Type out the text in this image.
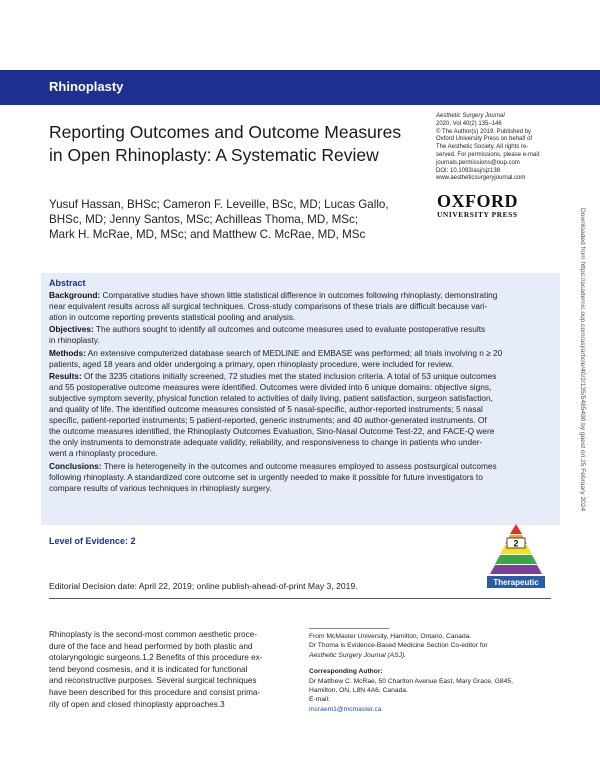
Rhinoplasty
Reporting Outcomes and Outcome Measures
in Open Rhinoplasty: A Systematic Review
Yusuf Hassan, BHSc; Cameron F. Leveille, BSc, MD; Lucas Gallo,
BHSc, MD; Jenny Santos, MSc; Achilleas Thoma, MD, MSc;
Mark H. McRae, MD, MSc; and Matthew C. McRae, MD, MSc
Aesthetic Surgery Journal
2020, Vol 40(2) 135–146
© The Author(s) 2019. Published by
Oxford University Press on behalf of
The Aesthetic Society. All rights re-
served. For permissions, please e-mail:
journals.permissions@oup.com
DOI: 10.1093/asj/sjz138
www.aestheticsurgeryjournal.com
OXFORD
UNIVERSITY PRESS
Abstract

Background: Comparative studies have shown little statistical difference in outcomes following rhinoplasty, demonstrating
near equivalent results across all surgical techniques. Cross-study comparisons of these trials are difficult because vari-
ation in outcome reporting prevents statistical pooling and analysis.

Objectives: The authors sought to identify all outcomes and outcome measures used to evaluate postoperative results
in rhinoplasty.

Methods: An extensive computerized database search of MEDLINE and EMBASE was performed; all trials involving n ≥ 20
patients, aged 18 years and older undergoing a primary, open rhinoplasty procedure, were included for review.

Results: Of the 3235 citations initially screened, 72 studies met the stated inclusion criteria. A total of 53 unique outcomes
and 55 postoperative outcome measures were identified. Outcomes were divided into 6 unique domains: objective signs,
subjective symptom severity, physical function related to activities of daily living, patient satisfaction, surgeon satisfaction,
and quality of life. The identified outcome measures consisted of 5 nasal-specific, author-reported instruments; 5 nasal
specific, patient-reported instruments; 5 patient-reported, generic instruments; and 40 author-generated instruments. Of
the outcome measures identified, the Rhinoplasty Outcomes Evaluation, Sino-Nasal Outcome Test-22, and FACE-Q were
the only instruments to demonstrate adequate validity, reliability, and responsiveness to change in patients who under-
went a rhinoplasty procedure.

Conclusions: There is heterogeneity in the outcomes and outcome measures employed to assess postsurgical outcomes
following rhinoplasty. A standardized core outcome set is urgently needed to make it possible for future investigators to
compare results of various techniques in rhinoplasty surgery.

Level of Evidence: 2	2
Therapeutic
Editorial Decision date: April 22, 2019; online publish-ahead-of-print May 3, 2019.
Rhinoplasty is the second-most common aesthetic proce-
dure of the face and head performed by both plastic and
otolaryngologic surgeons.1,2 Benefits of this procedure ex-
tend beyond cosmesis, and it is indicated for functional
and reconstructive purposes. Several surgical techniques
have been described for this procedure and consist prima-
rily of open and closed rhinoplasty approaches.3
From McMaster University, Hamilton, Ontario, Canada.
Dr Thoma is Evidence-Based Medicine Section Co-editor for
Aesthetic Surgery Journal (ASJ).
Corresponding Author:
Dr Matthew C. McRae, 50 Charlton Avenue East, Mary Grace, G845,
Hamilton, ON, L8N 4A6, Canada.
E-mail:
mcraem1@mcmaster.ca
Downloaded from https://academic.oup.com/asj/article/40/2/135/5485490 by guest on 25 February 2024
